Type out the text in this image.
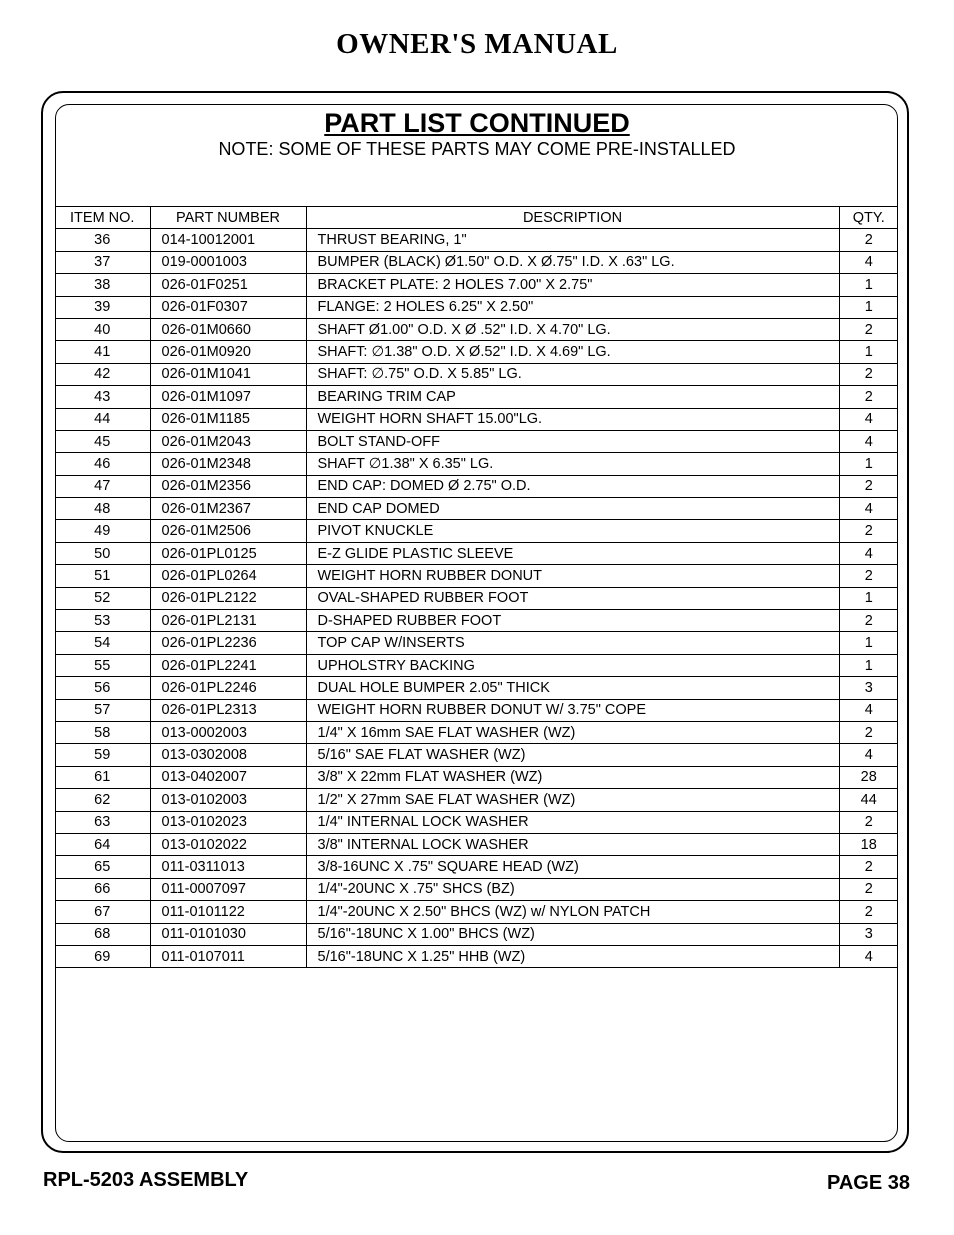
OWNER'S MANUAL
PART LIST CONTINUED
NOTE: SOME OF THESE PARTS MAY COME PRE-INSTALLED
ITEM NO.	PART NUMBER	DESCRIPTION	QTY.
36	014-10012001	THRUST BEARING, 1"	2
37	019-0001003	BUMPER (BLACK) Ø1.50" O.D. X Ø.75" I.D. X .63" LG.	4
38	026-01F0251	BRACKET PLATE: 2 HOLES 7.00" X 2.75"	1
39	026-01F0307	FLANGE: 2 HOLES 6.25" X 2.50"	1
40	026-01M0660	SHAFT Ø1.00" O.D. X Ø .52" I.D. X 4.70" LG.	2
41	026-01M0920	SHAFT: ∅1.38" O.D. X Ø.52" I.D. X 4.69" LG.	1
42	026-01M1041	SHAFT: ∅.75" O.D. X 5.85" LG.	2
43	026-01M1097	BEARING TRIM CAP	2
44	026-01M1185	WEIGHT HORN SHAFT 15.00"LG.	4
45	026-01M2043	BOLT STAND-OFF	4
46	026-01M2348	SHAFT ∅1.38" X 6.35" LG.	1
47	026-01M2356	END CAP: DOMED Ø 2.75" O.D.	2
48	026-01M2367	END CAP DOMED	4
49	026-01M2506	PIVOT KNUCKLE	2
50	026-01PL0125	E-Z GLIDE PLASTIC SLEEVE	4
51	026-01PL0264	WEIGHT HORN RUBBER DONUT	2
52	026-01PL2122	OVAL-SHAPED RUBBER FOOT	1
53	026-01PL2131	D-SHAPED RUBBER FOOT	2
54	026-01PL2236	TOP CAP W/INSERTS	1
55	026-01PL2241	UPHOLSTRY BACKING	1
56	026-01PL2246	DUAL HOLE BUMPER 2.05" THICK	3
57	026-01PL2313	WEIGHT HORN RUBBER DONUT W/ 3.75" COPE	4
58	013-0002003	1/4" X 16mm SAE FLAT WASHER (WZ)	2
59	013-0302008	5/16" SAE FLAT WASHER (WZ)	4
61	013-0402007	3/8" X 22mm FLAT WASHER (WZ)	28
62	013-0102003	1/2" X 27mm SAE FLAT WASHER (WZ)	44
63	013-0102023	1/4" INTERNAL LOCK WASHER	2
64	013-0102022	3/8" INTERNAL LOCK WASHER	18
65	011-0311013	3/8-16UNC X .75" SQUARE HEAD (WZ)	2
66	011-0007097	1/4"-20UNC X .75" SHCS (BZ)	2
67	011-0101122	1/4"-20UNC X 2.50" BHCS (WZ) w/ NYLON PATCH	2
68	011-0101030	5/16"-18UNC X 1.00" BHCS (WZ)	3
69	011-0107011	5/16"-18UNC X 1.25" HHB (WZ)	4
RPL-5203 ASSEMBLY	PAGE 38
